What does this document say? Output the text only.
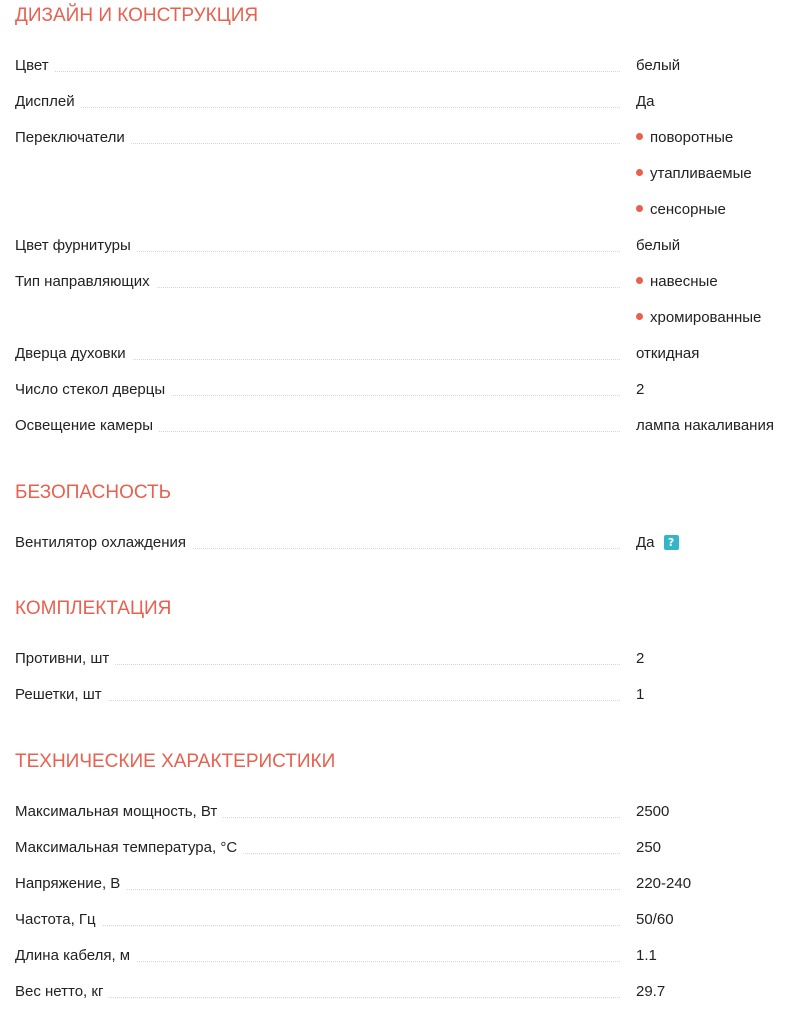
ДИЗАЙН И КОНСТРУКЦИЯ
Цвет	белый
Дисплей	Да
Переключатели	поворотные
утапливаемые
сенсорные
Цвет фурнитуры	белый
Тип направляющих	навесные
хромированные
Дверца духовки	откидная
Число стекол дверцы	2
Освещение камеры	лампа накаливания
БЕЗОПАСНОСТЬ
Вентилятор охлаждения	Да ?
КОМПЛЕКТАЦИЯ
Противни, шт	2
Решетки, шт	1
ТЕХНИЧЕСКИЕ ХАРАКТЕРИСТИКИ
Максимальная мощность, Вт	2500
Максимальная температура, °C	250
Напряжение, В	220-240
Частота, Гц	50/60
Длина кабеля, м	1.1
Вес нетто, кг	29.7
